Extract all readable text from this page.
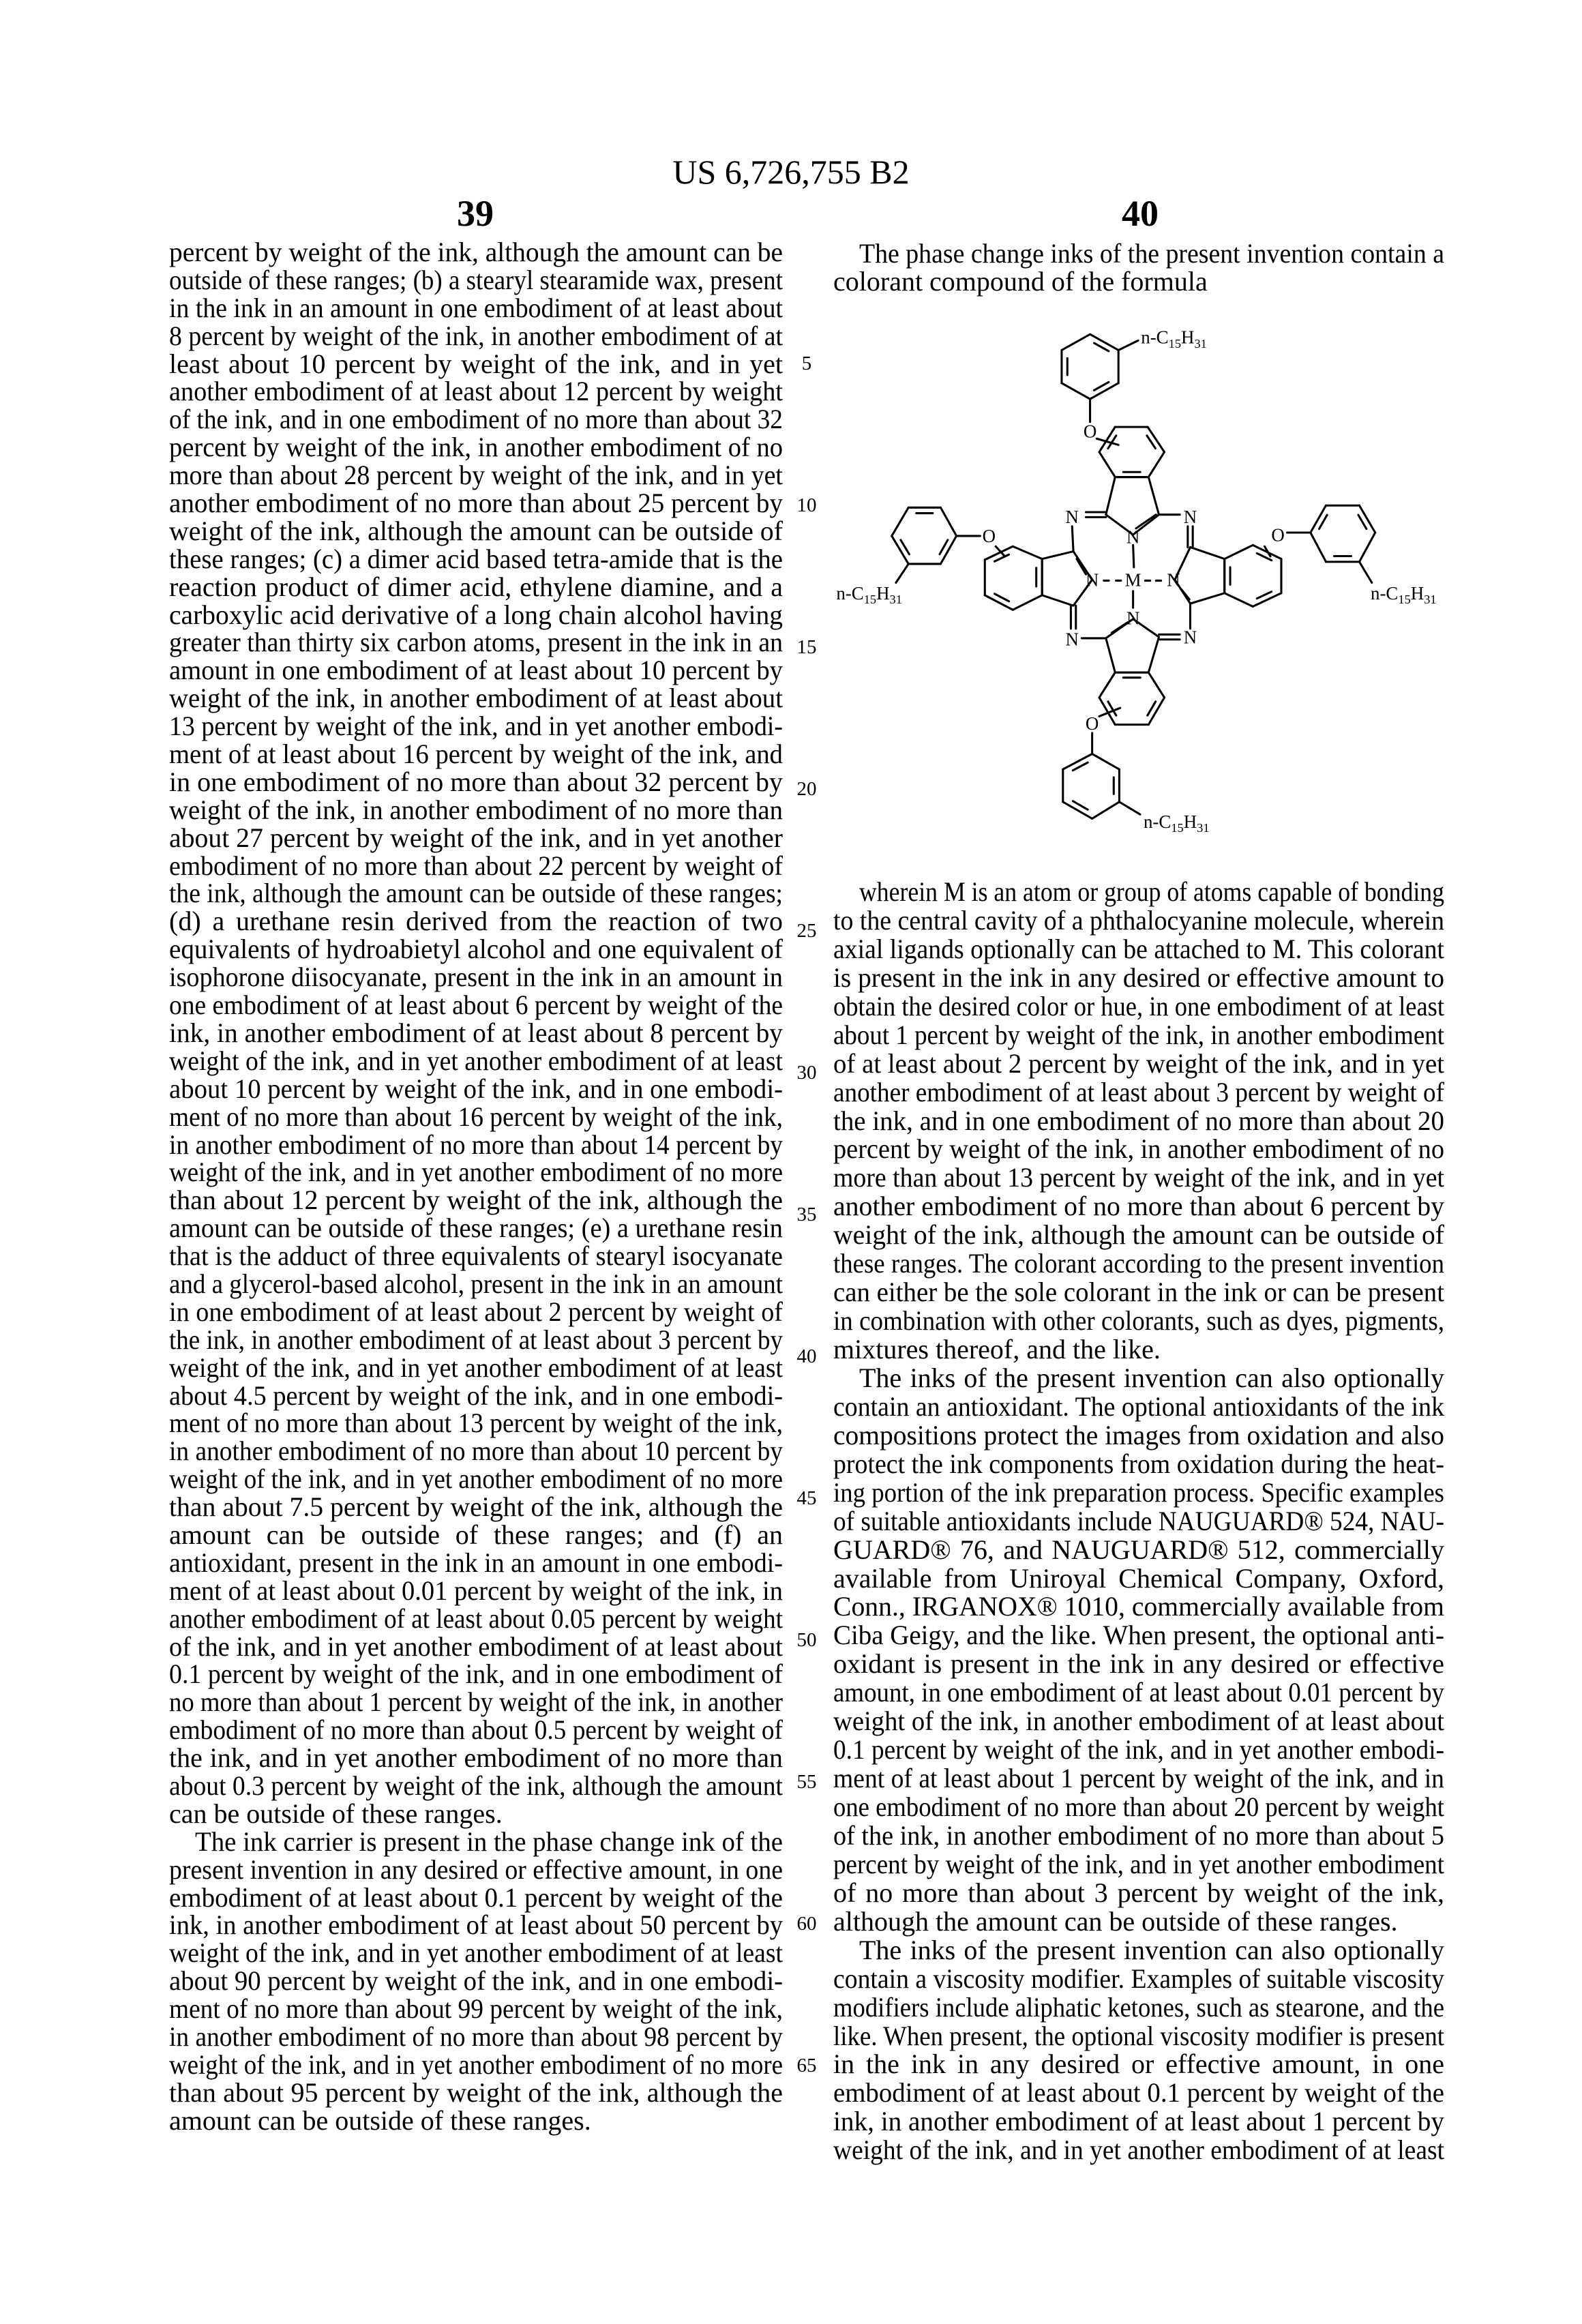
US 6,726,755 B2
39	40
percent by weight of the ink, although the amount can be
outside of these ranges; (b) a stearyl stearamide wax, present
in the ink in an amount in one embodiment of at least about
8 percent by weight of the ink, in another embodiment of at
least about 10 percent by weight of the ink, and in yet
another embodiment of at least about 12 percent by weight
of the ink, and in one embodiment of no more than about 32
percent by weight of the ink, in another embodiment of no
more than about 28 percent by weight of the ink, and in yet
another embodiment of no more than about 25 percent by
weight of the ink, although the amount can be outside of
these ranges; (c) a dimer acid based tetra-amide that is the
reaction product of dimer acid, ethylene diamine, and a
carboxylic acid derivative of a long chain alcohol having
greater than thirty six carbon atoms, present in the ink in an
amount in one embodiment of at least about 10 percent by
weight of the ink, in another embodiment of at least about
13 percent by weight of the ink, and in yet another embodi-
ment of at least about 16 percent by weight of the ink, and
in one embodiment of no more than about 32 percent by
weight of the ink, in another embodiment of no more than
about 27 percent by weight of the ink, and in yet another
embodiment of no more than about 22 percent by weight of
the ink, although the amount can be outside of these ranges;
(d) a urethane resin derived from the reaction of two
equivalents of hydroabietyl alcohol and one equivalent of
isophorone diisocyanate, present in the ink in an amount in
one embodiment of at least about 6 percent by weight of the
ink, in another embodiment of at least about 8 percent by
weight of the ink, and in yet another embodiment of at least
about 10 percent by weight of the ink, and in one embodi-
ment of no more than about 16 percent by weight of the ink,
in another embodiment of no more than about 14 percent by
weight of the ink, and in yet another embodiment of no more
than about 12 percent by weight of the ink, although the
amount can be outside of these ranges; (e) a urethane resin
that is the adduct of three equivalents of stearyl isocyanate
and a glycerol-based alcohol, present in the ink in an amount
in one embodiment of at least about 2 percent by weight of
the ink, in another embodiment of at least about 3 percent by
weight of the ink, and in yet another embodiment of at least
about 4.5 percent by weight of the ink, and in one embodi-
ment of no more than about 13 percent by weight of the ink,
in another embodiment of no more than about 10 percent by
weight of the ink, and in yet another embodiment of no more
than about 7.5 percent by weight of the ink, although the
amount can be outside of these ranges; and (f) an
antioxidant, present in the ink in an amount in one embodi-
ment of at least about 0.01 percent by weight of the ink, in
another embodiment of at least about 0.05 percent by weight
of the ink, and in yet another embodiment of at least about
0.1 percent by weight of the ink, and in one embodiment of
no more than about 1 percent by weight of the ink, in another
embodiment of no more than about 0.5 percent by weight of
the ink, and in yet another embodiment of no more than
about 0.3 percent by weight of the ink, although the amount
can be outside of these ranges.
The ink carrier is present in the phase change ink of the
present invention in any desired or effective amount, in one
embodiment of at least about 0.1 percent by weight of the
ink, in another embodiment of at least about 50 percent by
weight of the ink, and in yet another embodiment of at least
about 90 percent by weight of the ink, and in one embodi-
ment of no more than about 99 percent by weight of the ink,
in another embodiment of no more than about 98 percent by
weight of the ink, and in yet another embodiment of no more
than about 95 percent by weight of the ink, although the
amount can be outside of these ranges.
The phase change inks of the present invention contain a
colorant compound of the formula
wherein M is an atom or group of atoms capable of bonding
to the central cavity of a phthalocyanine molecule, wherein
axial ligands optionally can be attached to M. This colorant
is present in the ink in any desired or effective amount to
obtain the desired color or hue, in one embodiment of at least
about 1 percent by weight of the ink, in another embodiment
of at least about 2 percent by weight of the ink, and in yet
another embodiment of at least about 3 percent by weight of
the ink, and in one embodiment of no more than about 20
percent by weight of the ink, in another embodiment of no
more than about 13 percent by weight of the ink, and in yet
another embodiment of no more than about 6 percent by
weight of the ink, although the amount can be outside of
these ranges. The colorant according to the present invention
can either be the sole colorant in the ink or can be present
in combination with other colorants, such as dyes, pigments,
mixtures thereof, and the like.
The inks of the present invention can also optionally
contain an antioxidant. The optional antioxidants of the ink
compositions protect the images from oxidation and also
protect the ink components from oxidation during the heat-
ing portion of the ink preparation process. Specific examples
of suitable antioxidants include NAUGUARD® 524, NAU-
GUARD® 76, and NAUGUARD® 512, commercially
available from Uniroyal Chemical Company, Oxford,
Conn., IRGANOX® 1010, commercially available from
Ciba Geigy, and the like. When present, the optional anti-
oxidant is present in the ink in any desired or effective
amount, in one embodiment of at least about 0.01 percent by
weight of the ink, in another embodiment of at least about
0.1 percent by weight of the ink, and in yet another embodi-
ment of at least about 1 percent by weight of the ink, and in
one embodiment of no more than about 20 percent by weight
of the ink, in another embodiment of no more than about 5
percent by weight of the ink, and in yet another embodiment
of no more than about 3 percent by weight of the ink,
although the amount can be outside of these ranges.
The inks of the present invention can also optionally
contain a viscosity modifier. Examples of suitable viscosity
modifiers include aliphatic ketones, such as stearone, and the
like. When present, the optional viscosity modifier is present
in the ink in any desired or effective amount, in one
embodiment of at least about 0.1 percent by weight of the
ink, in another embodiment of at least about 1 percent by
weight of the ink, and in yet another embodiment of at least
5
10
15
20
25
30
35
40
45
50
55
60
65
n-C15H31
O
N	N
N
O
n-C15H31
N M N
O
n-C15H31
N	N
N
O
n-C15H31
